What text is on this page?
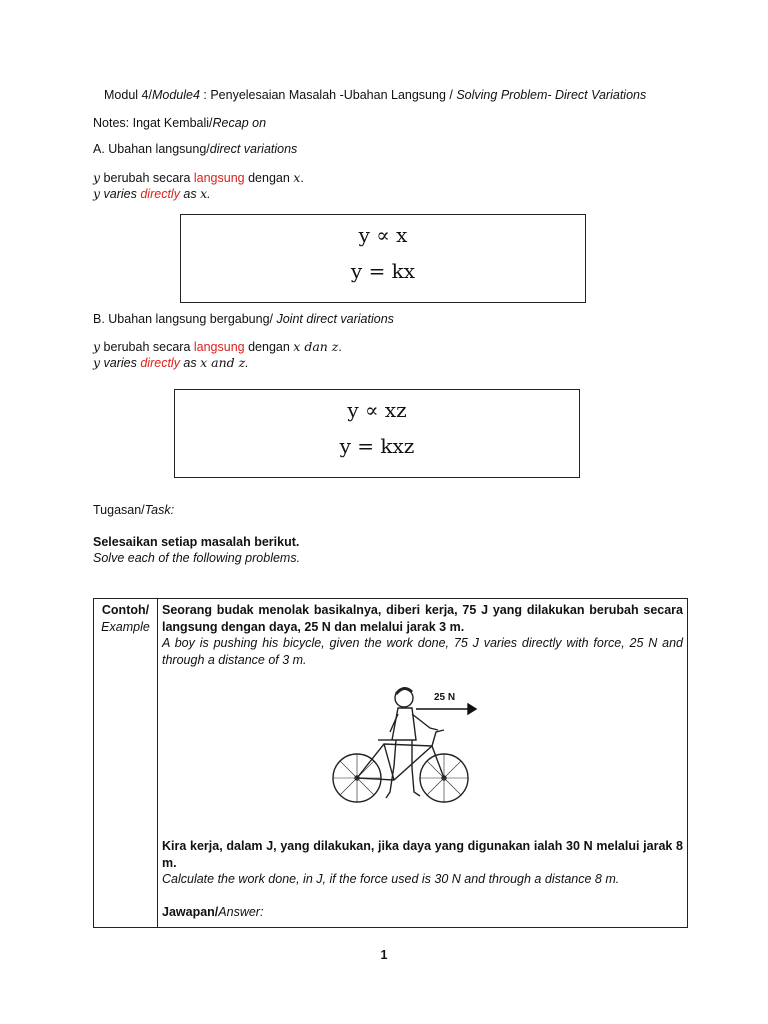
Modul 4/Module4 : Penyelesaian Masalah -Ubahan Langsung / Solving Problem- Direct Variations
Notes: Ingat Kembali/Recap on
A. Ubahan langsung/direct variations
y berubah secara langsung dengan x.
y varies directly as x.
y ∝ x
y = kx
B. Ubahan langsung bergabung/ Joint direct variations
y berubah secara langsung dengan x dan z.
y varies directly as x and z.
y ∝ xz
y = kxz
Tugasan/Task:
Selesaikan setiap masalah berikut.
Solve each of the following problems.
Contoh/
Example

Seorang budak menolak basikalnya, diberi kerja, 75 J yang dilakukan berubah secara langsung dengan daya, 25 N dan melalui jarak 3 m.
A boy is pushing his bicycle, given the work done, 75 J varies directly with force, 25 N and through a distance of 3 m.
25 N
Kira kerja, dalam J, yang dilakukan, jika daya yang digunakan ialah 30 N melalui jarak 8 m.
Calculate the work done, in J, if the force used is 30 N and through a distance 8 m.
Jawapan/Answer:
1
